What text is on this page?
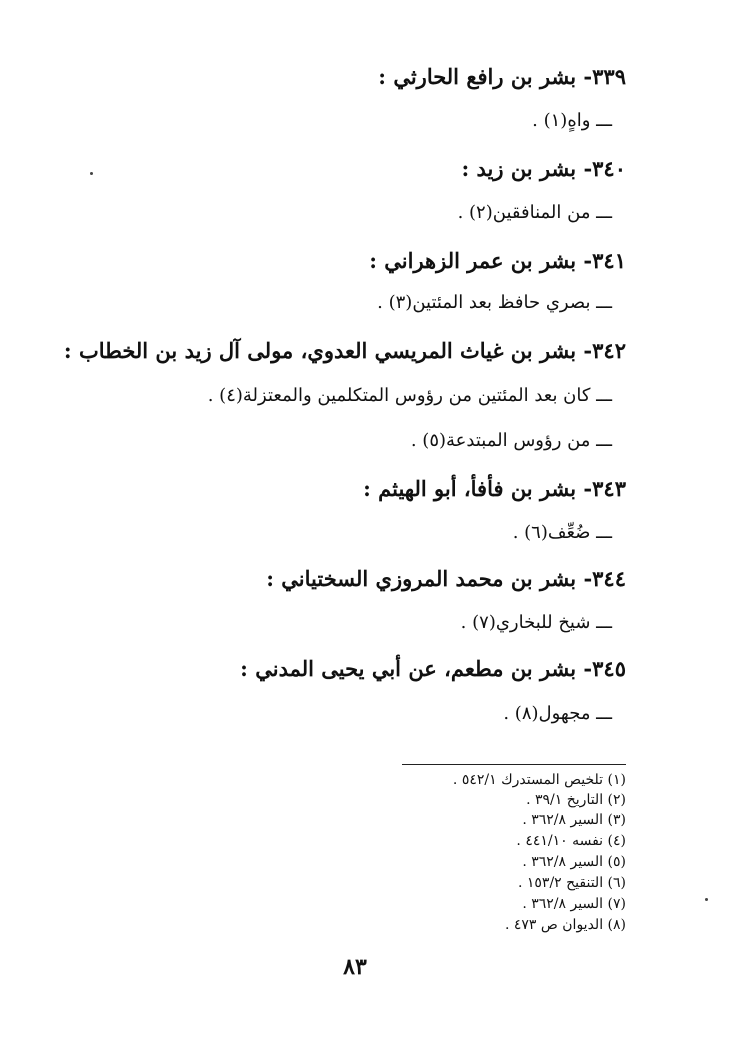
٣٣٩- بشر بن رافع الحارثي :
ـــ واهٍ(١) .
٣٤٠- بشر بن زيد :
ـــ من المنافقين(٢) .
٣٤١- بشر بن عمر الزهراني :
ـــ بصري حافظ بعد المئتين(٣) .
٣٤٢- بشر بن غياث المريسي العدوي، مولى آل زيد بن الخطاب :
ـــ كان بعد المئتين من رؤوس المتكلمين والمعتزلة(٤) .
ـــ من رؤوس المبتدعة(٥) .
٣٤٣- بشر بن فأفأ، أبو الهيثم :
ـــ ضُعِّف(٦) .
٣٤٤- بشر بن محمد المروزي السختياني :
ـــ شيخ للبخاري(٧) .
٣٤٥- بشر بن مطعم، عن أبي يحيى المدني :
ـــ مجهول(٨) .
(١) تلخيص المستدرك ٥٤٢/١ .
(٢) التاريخ ٣٩/١ .
(٣) السير ٣٦٢/٨ .
(٤) نفسه ٤٤١/١٠ .
(٥) السير ٣٦٢/٨ .
(٦) التنقيح ١٥٣/٢ .
(٧) السير ٣٦٢/٨ .
(٨) الديوان ص ٤٧٣ .
٨٣
